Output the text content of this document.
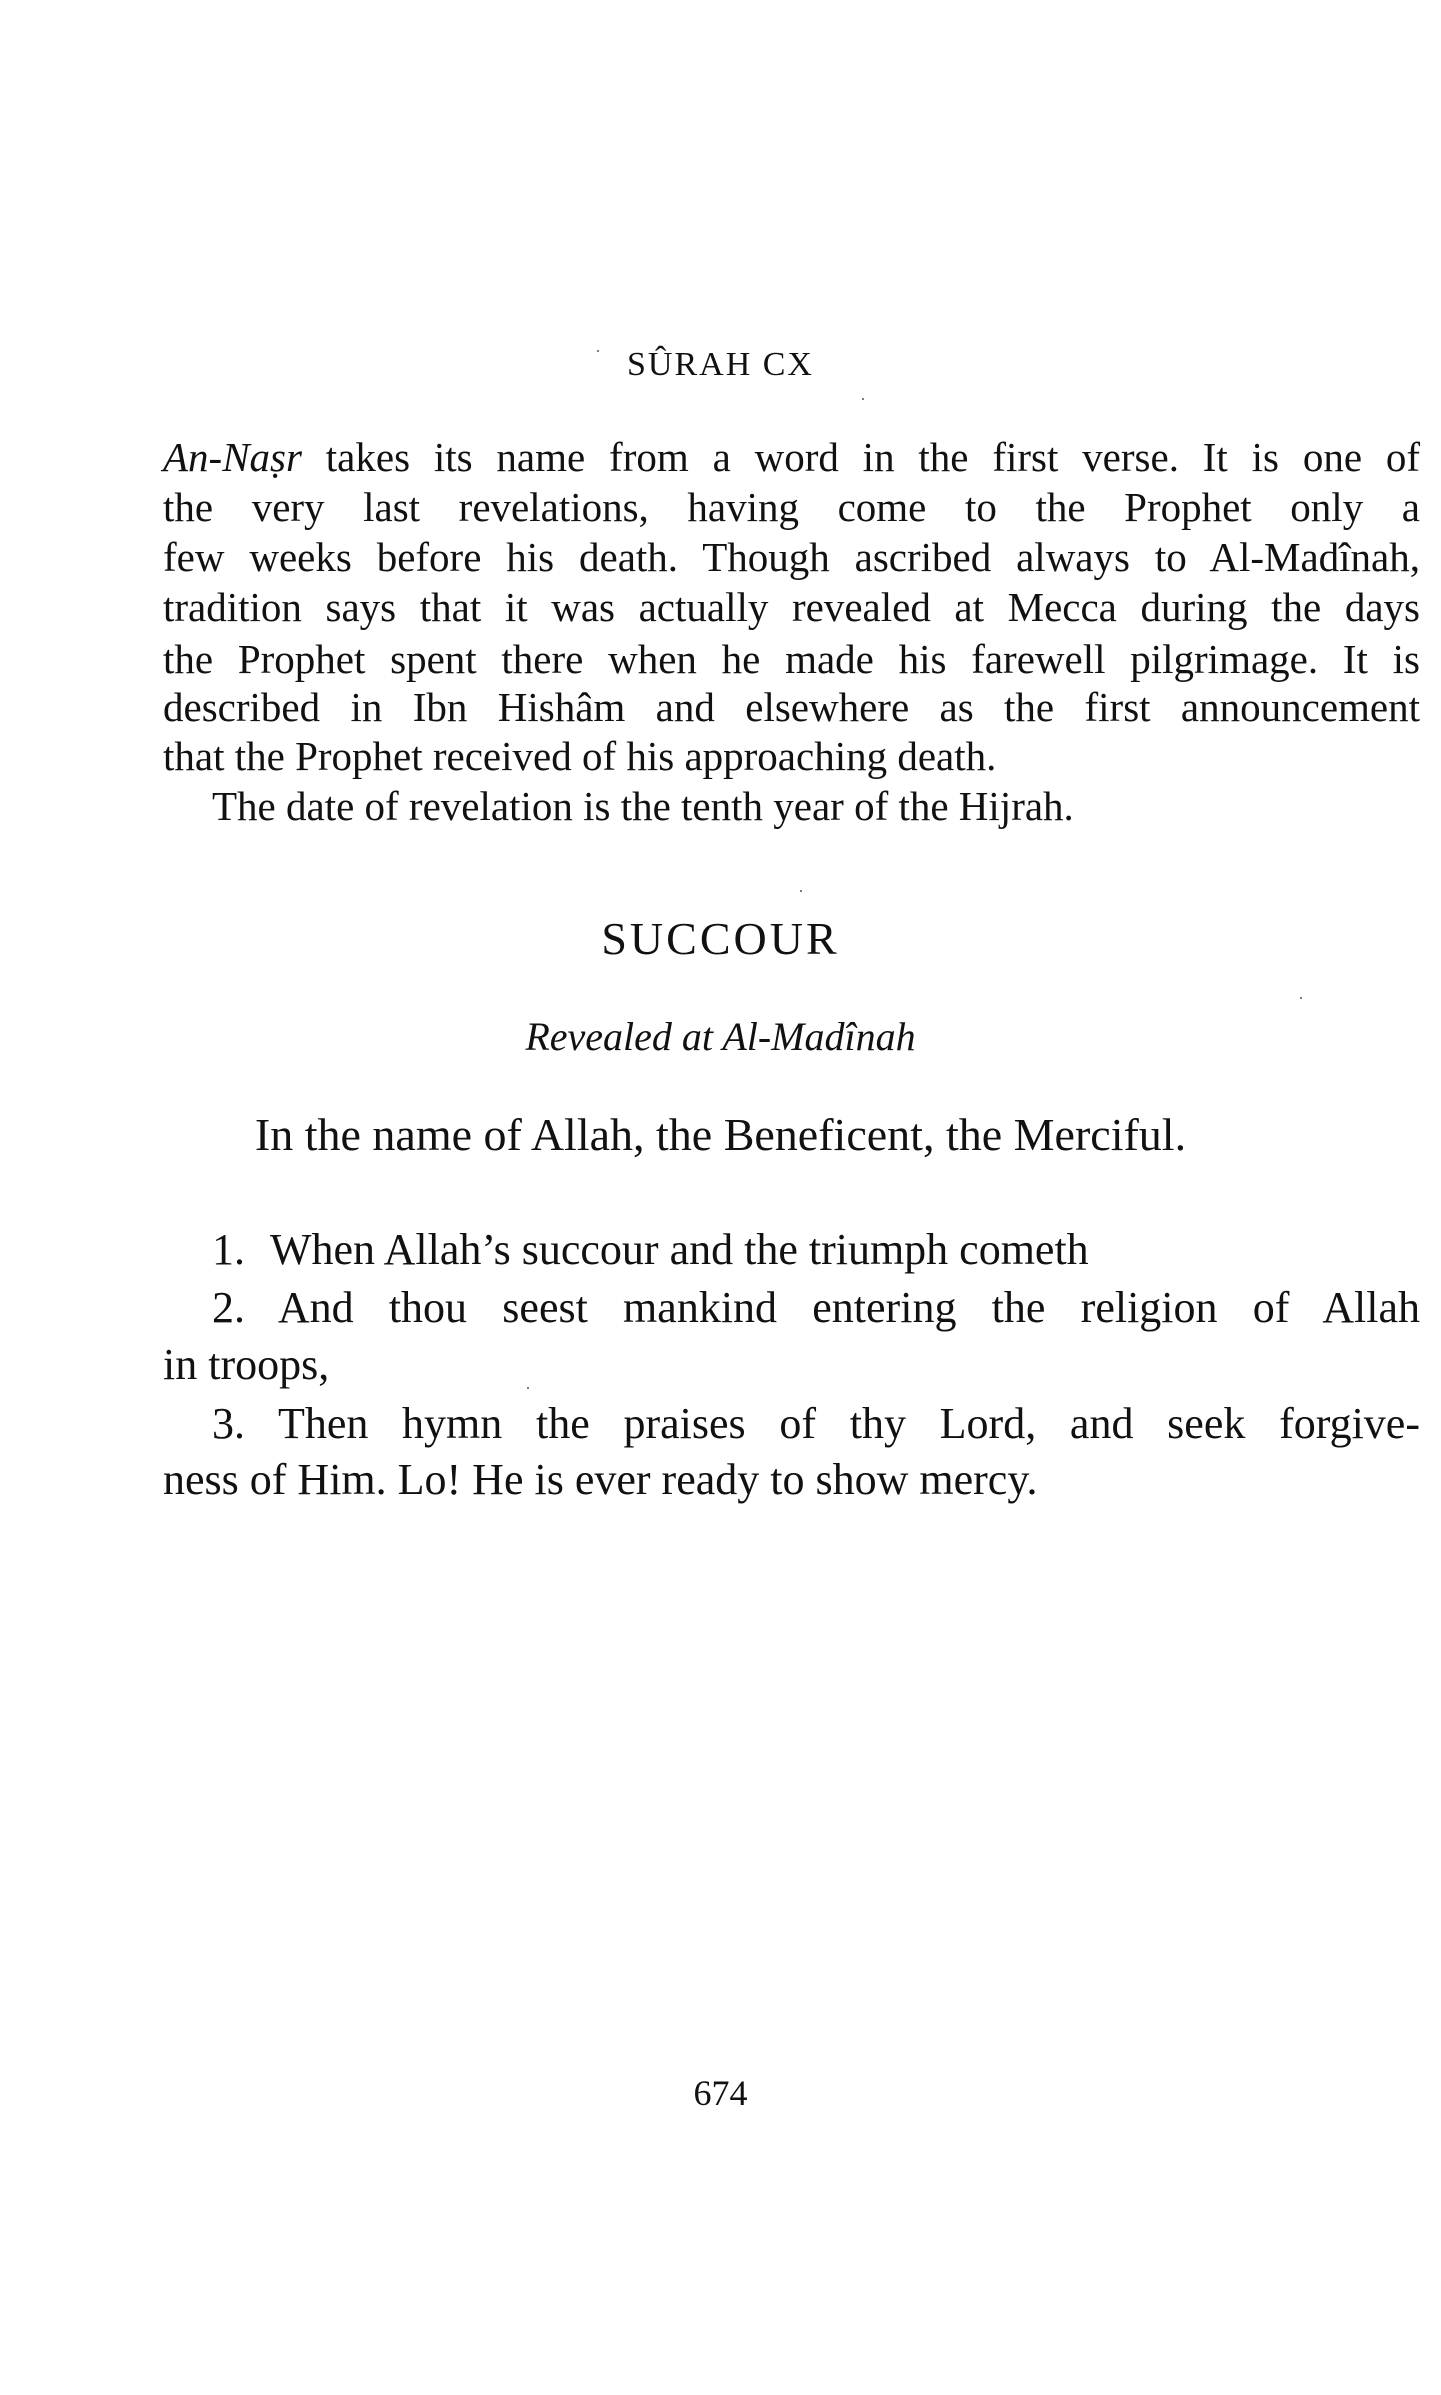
SÛRAH CX
An-Naṣr takes its name from a word in the first verse. It is one of
the very last revelations, having come to the Prophet only a
few weeks before his death. Though ascribed always to Al-Madînah,
tradition says that it was actually revealed at Mecca during the days
the Prophet spent there when he made his farewell pilgrimage. It is
described in Ibn Hishâm and elsewhere as the first announcement
that the Prophet received of his approaching death.
The date of revelation is the tenth year of the Hijrah.
SUCCOUR
Revealed at Al-Madînah
In the name of Allah, the Beneficent, the Merciful.
1. When Allah’s succour and the triumph cometh
2. And thou seest mankind entering the religion of Allah
in troops,
3. Then hymn the praises of thy Lord, and seek forgive-
ness of Him. Lo! He is ever ready to show mercy.
674
